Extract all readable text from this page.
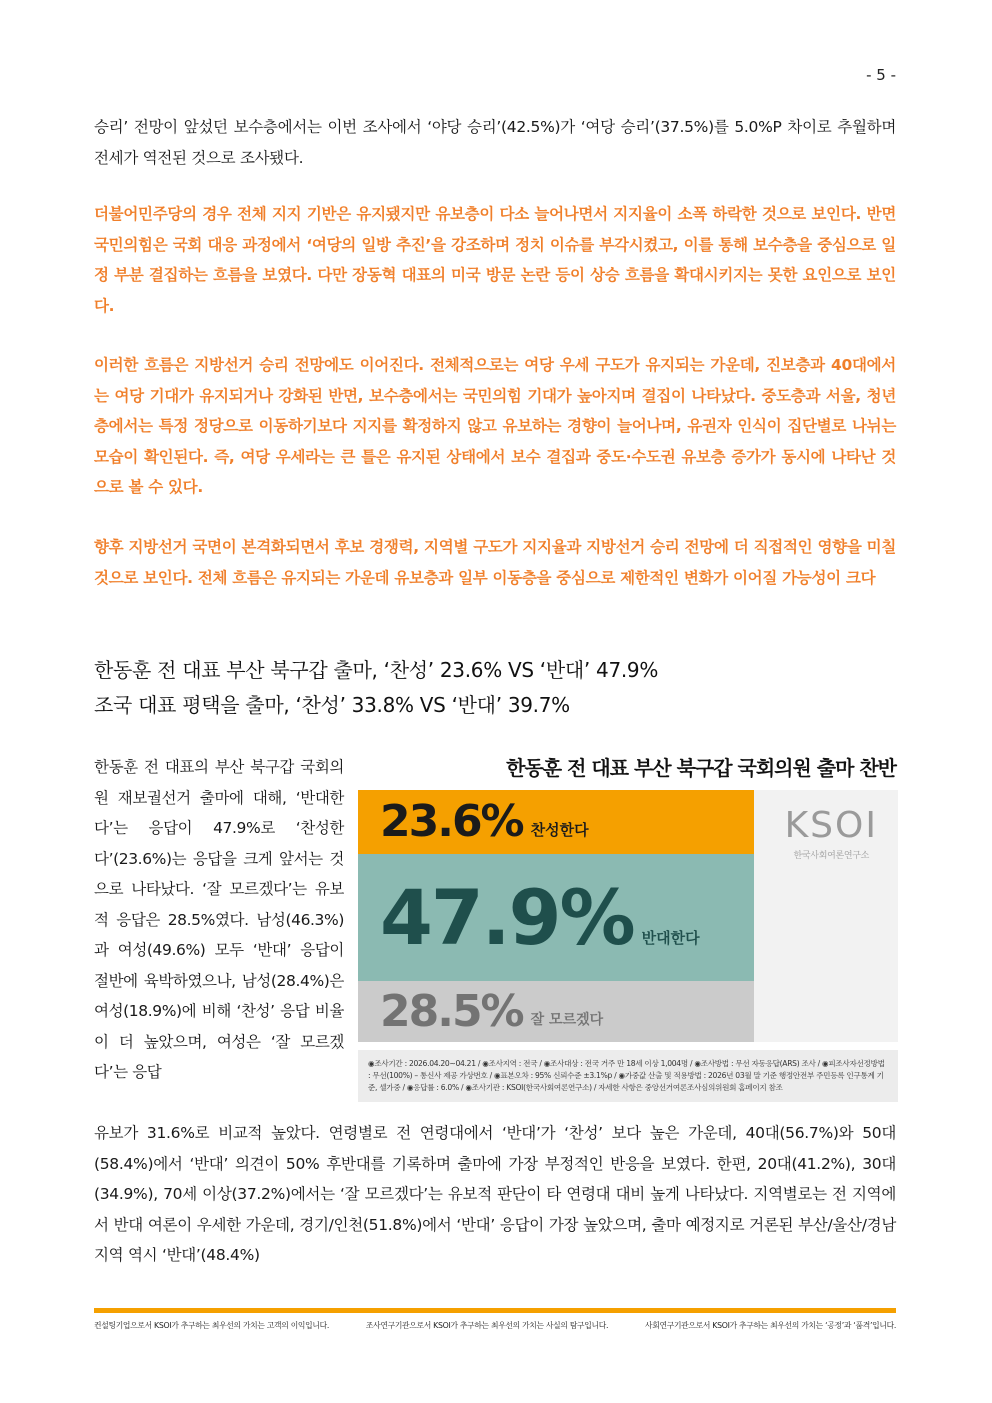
- 5 -

승리’ 전망이 앞섰던 보수층에서는 이번 조사에서 ‘야당 승리’(42.5%)가 ‘여당 승리’(37.5%)를 5.0%P 차이로 추월하며 전세가 역전된 것으로 조사됐다.

더불어민주당의 경우 전체 지지 기반은 유지됐지만 유보층이 다소 늘어나면서 지지율이 소폭 하락한 것으로 보인다. 반면 국민의힘은 국회 대응 과정에서 ‘여당의 일방 추진’을 강조하며 정치 이슈를 부각시켰고, 이를 통해 보수층을 중심으로 일정 부분 결집하는 흐름을 보였다. 다만 장동혁 대표의 미국 방문 논란 등이 상승 흐름을 확대시키지는 못한 요인으로 보인다.

이러한 흐름은 지방선거 승리 전망에도 이어진다. 전체적으로는 여당 우세 구도가 유지되는 가운데, 진보층과 40대에서는 여당 기대가 유지되거나 강화된 반면, 보수층에서는 국민의힘 기대가 높아지며 결집이 나타났다. 중도층과 서울, 청년층에서는 특정 정당으로 이동하기보다 지지를 확정하지 않고 유보하는 경향이 늘어나며, 유권자 인식이 집단별로 나뉘는 모습이 확인된다. 즉, 여당 우세라는 큰 틀은 유지된 상태에서 보수 결집과 중도·수도권 유보층 증가가 동시에 나타난 것으로 볼 수 있다.

향후 지방선거 국면이 본격화되면서 후보 경쟁력, 지역별 구도가 지지율과 지방선거 승리 전망에 더 직접적인 영향을 미칠 것으로 보인다. 전체 흐름은 유지되는 가운데 유보층과 일부 이동층을 중심으로 제한적인 변화가 이어질 가능성이 크다

한동훈 전 대표 부산 북구갑 출마, ‘찬성’ 23.6% VS ‘반대’ 47.9%

조국 대표 평택을 출마, ‘찬성’ 33.8% VS ‘반대’ 39.7%

한동훈 전 대표의 부산 북구갑 국회의원 재보궐선거 출마에 대해, ‘반대한다’는 응답이 47.9%로 ‘찬성한다’(23.6%)는 응답을 크게 앞서는 것으로 나타났다. ‘잘 모르겠다’는 유보적 응답은 28.5%였다. 남성(46.3%)과 여성(49.6%) 모두 ‘반대’ 응답이 절반에 육박하였으나, 남성(28.4%)은 여성(18.9%)에 비해 ‘찬성’ 응답 비율이 더 높았으며, 여성은 ‘잘 모르겠다’는 응답

한동훈 전 대표 부산 북구갑 국회의원 출마 찬반
23.6% 찬성한다
47.9% 반대한다
28.5% 잘 모르겠다
KSOI
한국사회여론연구소
◉조사기간 : 2026.04.20~04.21 / ◉조사지역 : 전국 / ◉조사대상 : 전국 거주 만 18세 이상 1,004명 / ◉조사방법 : 무선 자동응답(ARS) 조사 / ◉피조사자선정방법 : 무선(100%) – 통신사 제공 가상번호 / ◉표본오차 : 95% 신뢰수준 ±3.1%p / ◉가중값 산출 및 적용방법 : 2026년 03월 말 기준 행정안전부 주민등록 인구통계 기준, 셀가중 / ◉응답률 : 6.0% / ◉조사기관 : KSOI(한국사회여론연구소) / 자세한 사항은 중앙선거여론조사심의위원회 홈페이지 참조

유보가 31.6%로 비교적 높았다. 연령별로 전 연령대에서 ‘반대’가 ‘찬성’ 보다 높은 가운데, 40대(56.7%)와 50대(58.4%)에서 ‘반대’ 의견이 50% 후반대를 기록하며 출마에 가장 부정적인 반응을 보였다. 한편, 20대(41.2%), 30대(34.9%), 70세 이상(37.2%)에서는 ‘잘 모르겠다’는 유보적 판단이 타 연령대 대비 높게 나타났다. 지역별로는 전 지역에서 반대 여론이 우세한 가운데, 경기/인천(51.8%)에서 ‘반대’ 응답이 가장 높았으며, 출마 예정지로 거론된 부산/울산/경남 지역 역시 ‘반대’(48.4%)

컨설팅기업으로서 KSOI가 추구하는 최우선의 가치는 고객의 이익입니다.	조사연구기관으로서 KSOI가 추구하는 최우선의 가치는 사실의 탐구입니다.	사회연구기관으로서 KSOI가 추구하는 최우선의 가치는 ‘공정’과 ‘품격’입니다.
